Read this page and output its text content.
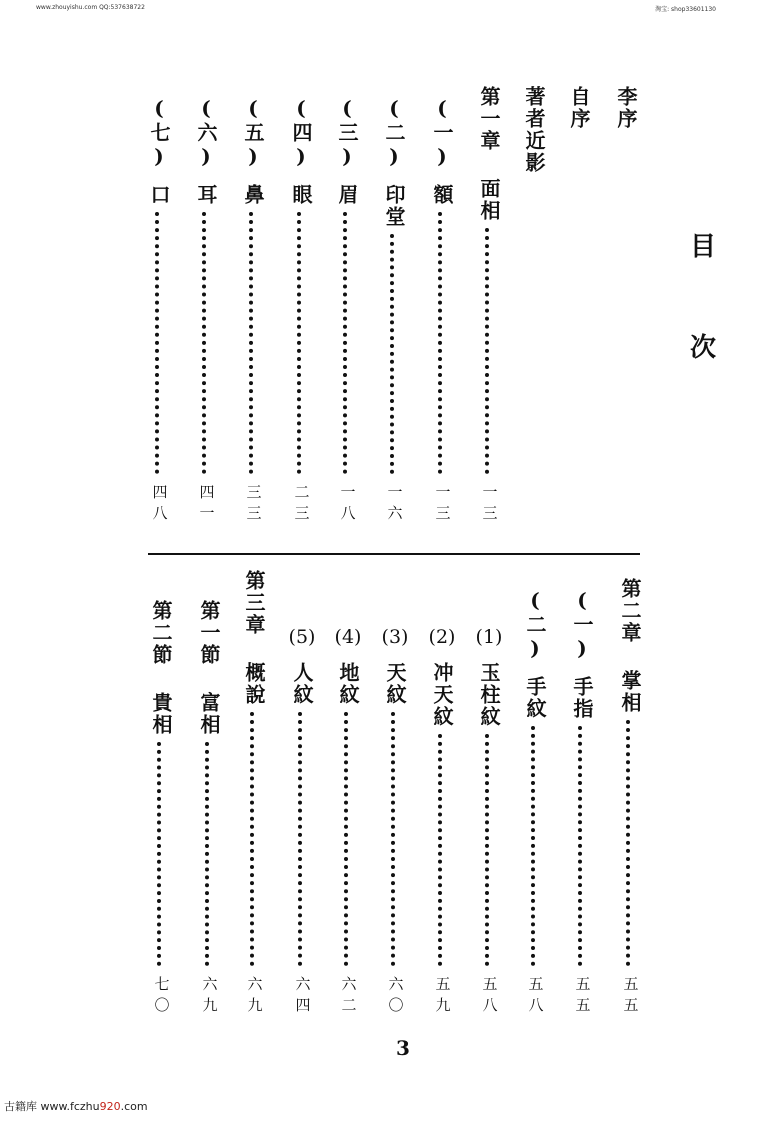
www.zhouyishu.com QQ:537638722	淘宝: shop33601130
目
次
李序
自序
著者近影
第一章 面相
一三
(一)
額
一三
(二)
印堂
一六
(三)
眉
一八
(四)
眼
二三
(五)
鼻
三三
(六)
耳
四一
(七)
口
四八
第二章 掌相
五五
(一)
手指
五五
(二)
手紋
五八
(1)
玉柱紋
五八
(2)
冲天紋
五九
(3)
天紋
六〇
(4)
地紋
六二
(5)
人紋
六四
第三章 概說
六九
第一節 富相
六九
第二節 貴相
七〇
3
古籍库 www.fczhu920.com
